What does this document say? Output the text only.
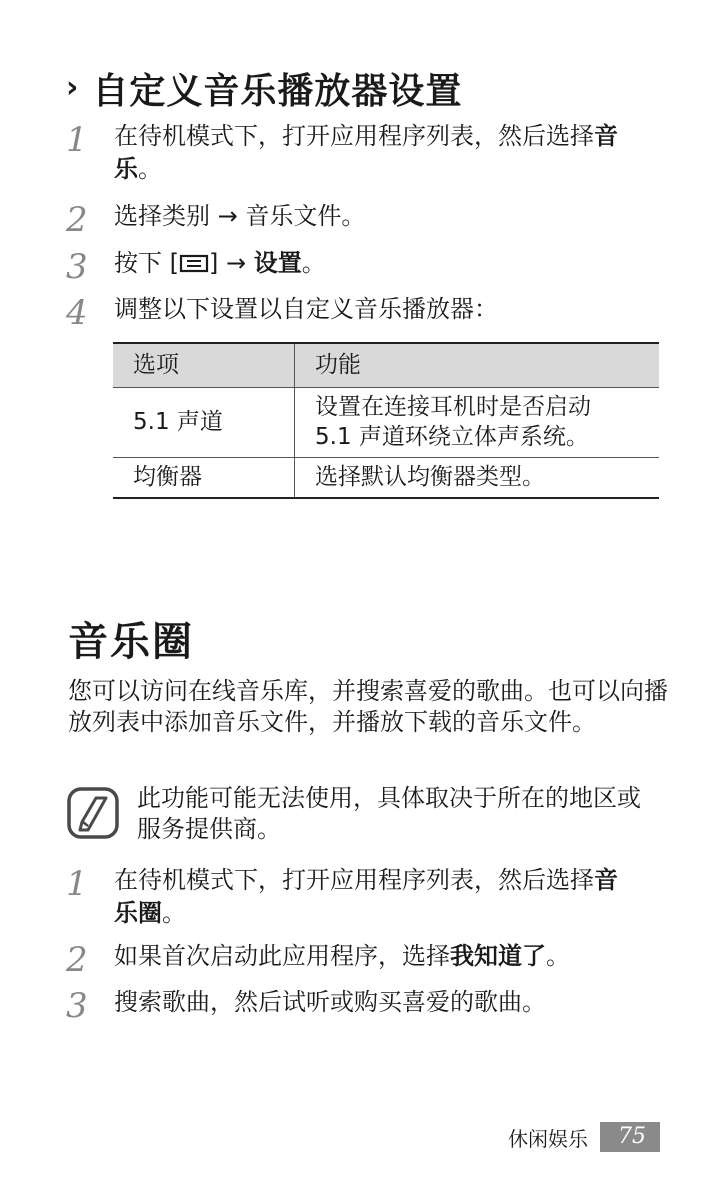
› 自定义音乐播放器设置
1 在待机模式下，打开应用程序列表，然后选择音乐。
2 选择类别 → 音乐文件。
3 按下 [ ] → 设置。
4 调整以下设置以自定义音乐播放器：
选项	功能
5.1 声道	设置在连接耳机时是否启动 5.1 声道环绕立体声系统。
均衡器	选择默认均衡器类型。
音乐圈
您可以访问在线音乐库，并搜索喜爱的歌曲。也可以向播放列表中添加音乐文件，并播放下载的音乐文件。
此功能可能无法使用，具体取决于所在的地区或服务提供商。
1 在待机模式下，打开应用程序列表，然后选择音乐圈。
2 如果首次启动此应用程序，选择我知道了。
3 搜索歌曲，然后试听或购买喜爱的歌曲。
休闲娱乐	75
